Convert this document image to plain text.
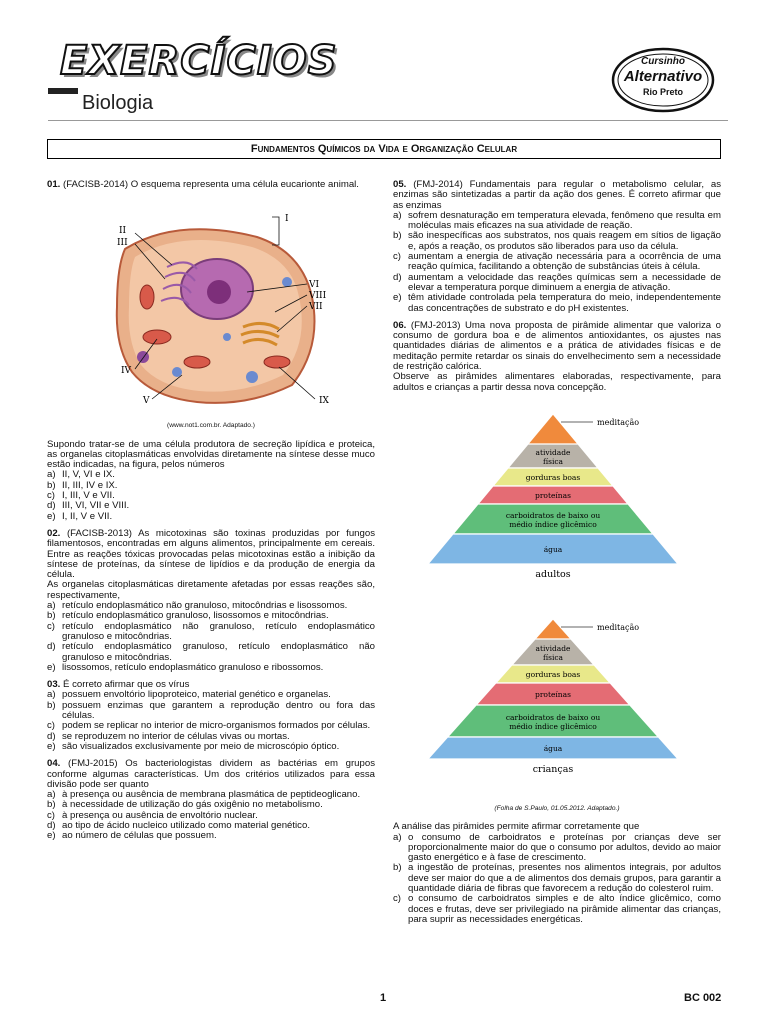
EXERCÍCIOS
Biologia
Cursinho
Alternativo
Rio Preto
Fundamentos Químicos da Vida e Organização Celular
01. (FACISB-2014) O esquema representa uma célula eucarionte animal.
I
II
III
IV
V
VI
VII
VIII
IX
(www.not1.com.br. Adaptado.)
Supondo tratar-se de uma célula produtora de secreção lipídica e proteica, as organelas citoplasmáticas envolvidas diretamente na síntese desse muco estão indicadas, na figura, pelos números
a) II, V, VI e IX.
b) II, III, IV e IX.
c) I, III, V e VII.
d) III, VI, VII e VIII.
e) I, II, V e VII.
02. (FACISB-2013) As micotoxinas são toxinas produzidas por fungos filamentosos, encontradas em alguns alimentos, principalmente em cereais. Entre as reações tóxicas provocadas pelas micotoxinas estão a inibição da síntese de proteínas, da síntese de lipídios e da produção de energia da célula.
As organelas citoplasmáticas diretamente afetadas por essas reações são, respectivamente,
a) retículo endoplasmático não granuloso, mitocôndrias e lisossomos.
b) retículo endoplasmático granuloso, lisossomos e mitocôndrias.
c) retículo endoplasmático não granuloso, retículo endoplasmático granuloso e mitocôndrias.
d) retículo endoplasmático granuloso, retículo endoplasmático não granuloso e mitocôndrias.
e) lisossomos, retículo endoplasmático granuloso e ribossomos.
03. É correto afirmar que os vírus
a) possuem envoltório lipoproteico, material genético e organelas.
b) possuem enzimas que garantem a reprodução dentro ou fora das células.
c) podem se replicar no interior de micro-organismos formados por células.
d) se reproduzem no interior de células vivas ou mortas.
e) são visualizados exclusivamente por meio de microscópio óptico.
04. (FMJ-2015) Os bacteriologistas dividem as bactérias em grupos conforme algumas características. Um dos critérios utilizados para essa divisão pode ser quanto
a) à presença ou ausência de membrana plasmática de peptideoglicano.
b) à necessidade de utilização do gás oxigênio no metabolismo.
c) à presença ou ausência de envoltório nuclear.
d) ao tipo de ácido nucleico utilizado como material genético.
e) ao número de células que possuem.
05. (FMJ-2014) Fundamentais para regular o metabolismo celular, as enzimas são sintetizadas a partir da ação dos genes. É correto afirmar que as enzimas
a) sofrem desnaturação em temperatura elevada, fenômeno que resulta em moléculas mais eficazes na sua atividade de reação.
b) são inespecíficas aos substratos, nos quais reagem em sítios de ligação e, após a reação, os produtos são liberados para uso da célula.
c) aumentam a energia de ativação necessária para a ocorrência de uma reação química, facilitando a obtenção de substâncias úteis à célula.
d) aumentam a velocidade das reações químicas sem a necessidade de elevar a temperatura porque diminuem a energia de ativação.
e) têm atividade controlada pela temperatura do meio, independentemente das concentrações de substrato e do pH existentes.
06. (FMJ-2013) Uma nova proposta de pirâmide alimentar que valoriza o consumo de gordura boa e de alimentos antioxidantes, os ajustes nas quantidades diárias de alimentos e a prática de atividades físicas e de meditação permite retardar os sinais do envelhecimento sem a necessidade de restrição calórica.
Observe as pirâmides alimentares elaboradas, respectivamente, para adultos e crianças a partir dessa nova concepção.
meditação
atividade
física
gorduras boas
proteínas
carboidratos de baixo ou
médio índice glicêmico
água
adultos
meditação
atividade
física
gorduras boas
proteínas
carboidratos de baixo ou
médio índice glicêmico
água
crianças
(Folha de S.Paulo, 01.05.2012. Adaptado.)
A análise das pirâmides permite afirmar corretamente que
a) o consumo de carboidratos e proteínas por crianças deve ser proporcionalmente maior do que o consumo por adultos, devido ao maior gasto energético e à fase de crescimento.
b) a ingestão de proteínas, presentes nos alimentos integrais, por adultos deve ser maior do que a de alimentos dos demais grupos, para garantir a quantidade diária de fibras que favorecem a redução do colesterol ruim.
c) o consumo de carboidratos simples e de alto índice glicêmico, como doces e frutas, deve ser privilegiado na pirâmide alimentar das crianças, para suprir as necessidades energéticas.
1	BC 002
